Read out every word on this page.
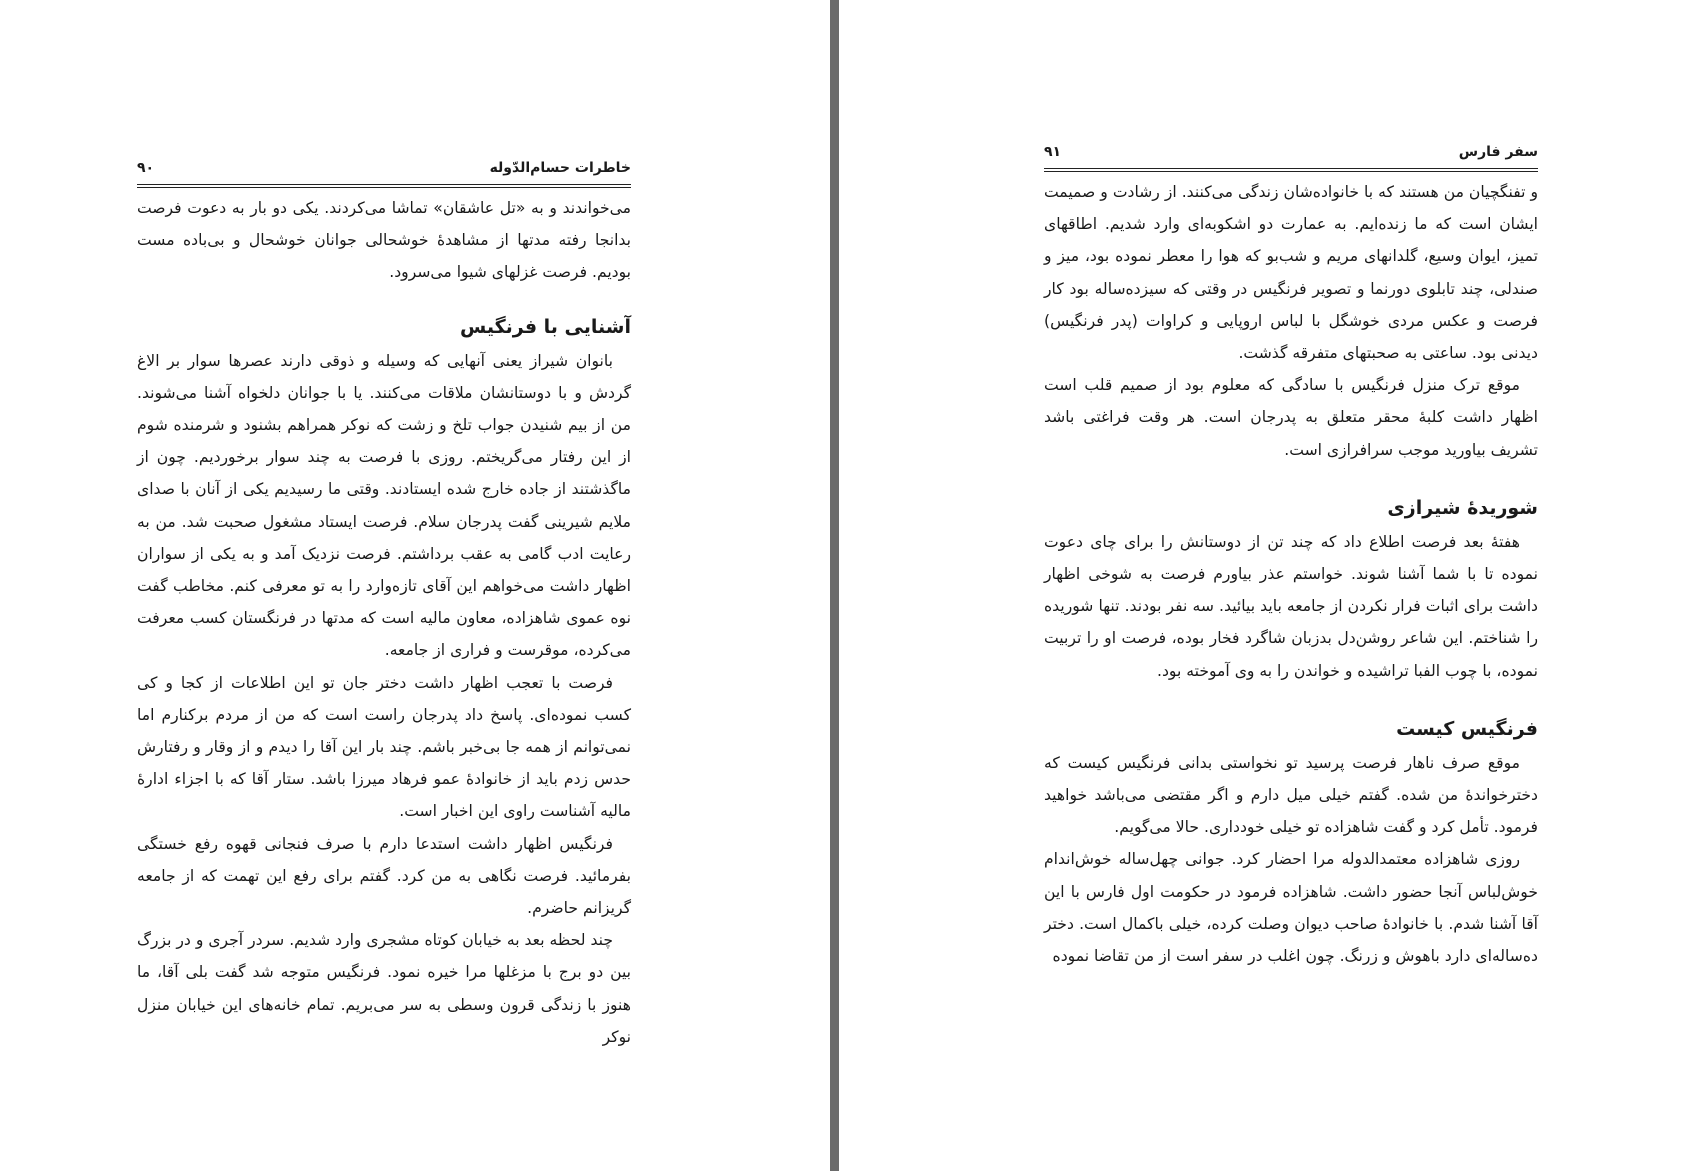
خاطرات حسام‌الدّوله
۹۰

می‌خواندند و به «تل عاشقان» تماشا می‌کردند. یکی دو بار به دعوت فرصت بدانجا رفته مدتها از مشاهدهٔ خوشحالی جوانان خوشحال و بی‌باده مست بودیم. فرصت غزلهای شیوا می‌سرود.

آشنایی با فرنگیس

بانوان شیراز یعنی آنهایی که وسیله و ذوقی دارند عصرها سوار بر الاغ گردش و با دوستانشان ملاقات می‌کنند. یا با جوانان دلخواه آشنا می‌شوند. من از بیم شنیدن جواب تلخ و زشت که نوکر همراهم بشنود و شرمنده شوم از این رفتار می‌گریختم. روزی با فرصت به چند سوار برخوردیم. چون از ماگذشتند از جاده خارج شده ایستادند. وقتی ما رسیدیم یکی از آنان با صدای ملایم شیرینی گفت پدرجان سلام. فرصت ایستاد مشغول صحبت شد. من به رعایت ادب گامی به عقب برداشتم. فرصت نزدیک آمد و به یکی از سواران اظهار داشت می‌خواهم این آقای تازه‌وارد را به تو معرفی کنم. مخاطب گفت نوه عموی شاهزاده، معاون مالیه است که مدتها در فرنگستان کسب معرفت می‌کرده، موقرست و فراری از جامعه.

فرصت با تعجب اظهار داشت دختر جان تو این اطلاعات از کجا و کی کسب نموده‌ای. پاسخ داد پدرجان راست است که من از مردم برکنارم اما نمی‌توانم از همه جا بی‌خبر باشم. چند بار این آقا را دیدم و از وقار و رفتارش حدس زدم باید از خانوادهٔ عمو فرهاد میرزا باشد. ستار آقا که با اجزاء ادارهٔ مالیه آشناست راوی این اخبار است.

فرنگیس اظهار داشت استدعا دارم با صرف فنجانی قهوه رفع خستگی بفرمائید. فرصت نگاهی به من کرد. گفتم برای رفع این تهمت که از جامعه گریزانم حاضرم.

چند لحظه بعد به خیابان کوتاه مشجری وارد شدیم. سردر آجری و در بزرگ بین دو برج با مزغلها مرا خیره نمود. فرنگیس متوجه شد گفت بلی آقا، ما هنوز با زندگی قرون وسطی به سر می‌بریم. تمام خانه‌های این خیابان منزل نوکر

سفر فارس
۹۱

و تفنگچیان من هستند که با خانواده‌شان زندگی می‌کنند. از رشادت و صمیمت ایشان است که ما زنده‌ایم. به عمارت دو اشکوبه‌ای وارد شدیم. اطاقهای تمیز، ایوان وسیع، گلدانهای مریم و شب‌بو که هوا را معطر نموده بود، میز و صندلی، چند تابلوی دورنما و تصویر فرنگیس در وقتی که سیزده‌ساله بود کار فرصت و عکس مردی خوشگل با لباس اروپایی و کراوات (پدر فرنگیس) دیدنی بود. ساعتی به صحبتهای متفرقه گذشت.

موقع ترک منزل فرنگیس با سادگی که معلوم بود از صمیم قلب است اظهار داشت کلبهٔ محقر متعلق به پدرجان است. هر وقت فراغتی باشد تشریف بیاورید موجب سرافرازی است.

شوریدهٔ شیرازی

هفتهٔ بعد فرصت اطلاع داد که چند تن از دوستانش را برای چای دعوت نموده تا با شما آشنا شوند. خواستم عذر بیاورم فرصت به شوخی اظهار داشت برای اثبات فرار نکردن از جامعه باید بیائید. سه نفر بودند. تنها شوریده را شناختم. این شاعر روشن‌دل بدزبان شاگرد فخار بوده، فرصت او را تربیت نموده، با چوب الفبا تراشیده و خواندن را به وی آموخته بود.

فرنگیس کیست

موقع صرف ناهار فرصت پرسید تو نخواستی بدانی فرنگیس کیست که دخترخواندهٔ من شده. گفتم خیلی میل دارم و اگر مقتضی می‌باشد خواهید فرمود. تأمل کرد و گفت شاهزاده تو خیلی خودداری. حالا می‌گویم.

روزی شاهزاده معتمدالدوله مرا احضار کرد. جوانی چهل‌ساله خوش‌اندام خوش‌لباس آنجا حضور داشت. شاهزاده فرمود در حکومت اول فارس با این آقا آشنا شدم. با خانوادهٔ صاحب دیوان وصلت کرده، خیلی باکمال است. دختر ده‌ساله‌ای دارد باهوش و زرنگ. چون اغلب در سفر است از من تقاضا نموده
